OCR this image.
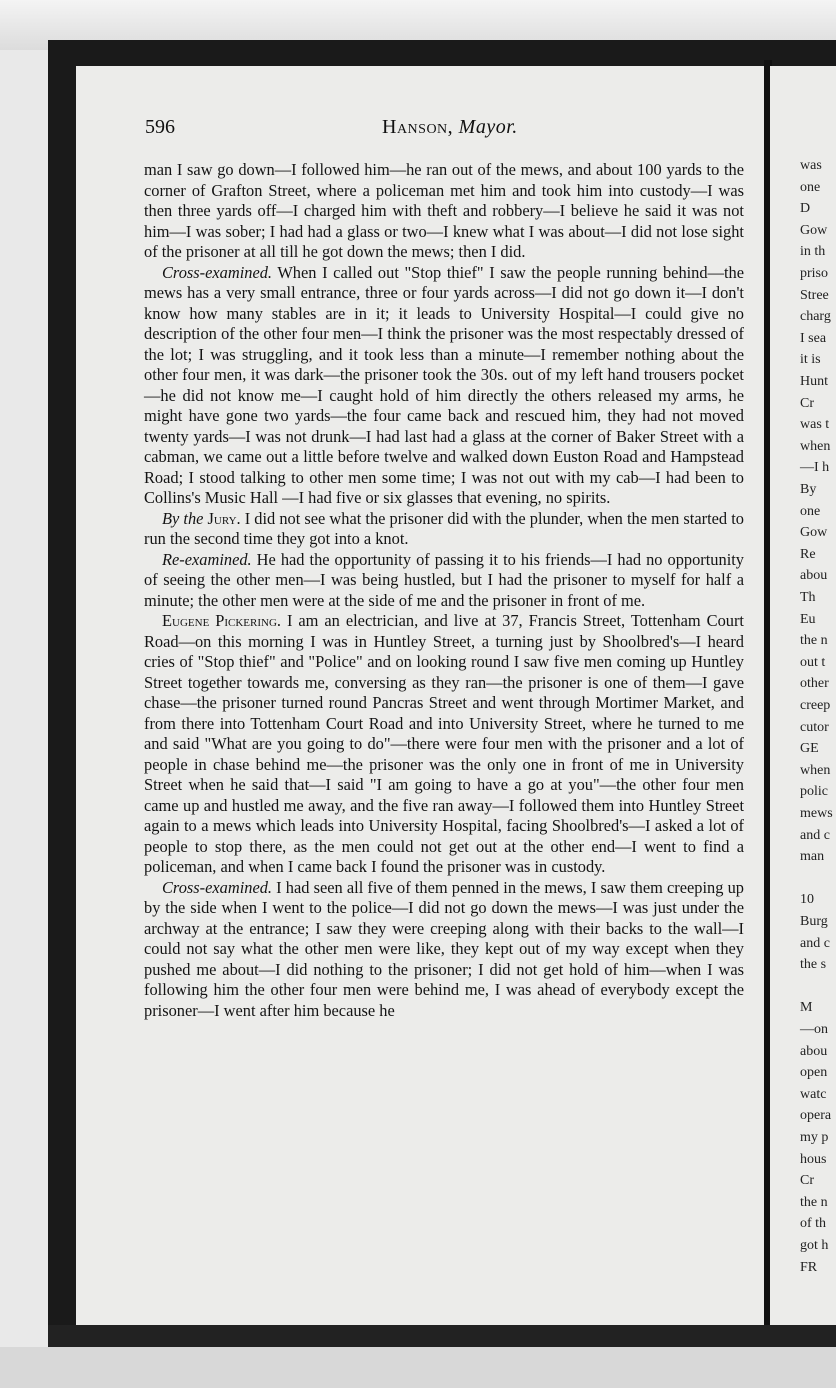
was
one
D
Gow
in th
priso
Stree
charg
I sea
it is
Hunt
Cr
was t
when
—I h
By
one
Gow
Re
abou
Th
Eu
the n
out t
other
creep
cutor
GE
when
polic
mews
and c
man
10
Burg
and c
the s
M
—on
abou
open
watc
opera
my p
hous
Cr
the n
of th
got h
FR
596	Hanson, Mayor.

man I saw go down—I followed him—he ran out of the mews, and about 100 yards to the corner of Grafton Street, where a policeman met him and took him into custody—I was then three yards off—I charged him with theft and robbery—I believe he said it was not him—I was sober; I had had a glass or two—I knew what I was about—I did not lose sight of the prisoner at all till he got down the mews; then I did.

Cross-examined. When I called out "Stop thief" I saw the people running behind—the mews has a very small entrance, three or four yards across—I did not go down it—I don't know how many stables are in it; it leads to University Hospital—I could give no description of the other four men—I think the prisoner was the most respectably dressed of the lot; I was struggling, and it took less than a minute—I remember nothing about the other four men, it was dark—the prisoner took the 30s. out of my left hand trousers pocket—he did not know me—I caught hold of him directly the others released my arms, he might have gone two yards—the four came back and rescued him, they had not moved twenty yards—I was not drunk—I had last had a glass at the corner of Baker Street with a cabman, we came out a little before twelve and walked down Euston Road and Hampstead Road; I stood talking to other men some time; I was not out with my cab—I had been to Collins's Music Hall —I had five or six glasses that evening, no spirits.

By the Jury. I did not see what the prisoner did with the plunder, when the men started to run the second time they got into a knot.

Re-examined. He had the opportunity of passing it to his friends—I had no opportunity of seeing the other men—I was being hustled, but I had the prisoner to myself for half a minute; the other men were at the side of me and the prisoner in front of me.

Eugene Pickering. I am an electrician, and live at 37, Francis Street, Tottenham Court Road—on this morning I was in Huntley Street, a turning just by Shoolbred's—I heard cries of "Stop thief" and "Police" and on looking round I saw five men coming up Huntley Street together towards me, conversing as they ran—the prisoner is one of them—I gave chase—the prisoner turned round Pancras Street and went through Mortimer Market, and from there into Tottenham Court Road and into University Street, where he turned to me and said "What are you going to do"—there were four men with the prisoner and a lot of people in chase behind me—the prisoner was the only one in front of me in University Street when he said that—I said "I am going to have a go at you"—the other four men came up and hustled me away, and the five ran away—I followed them into Huntley Street again to a mews which leads into University Hospital, facing Shoolbred's—I asked a lot of people to stop there, as the men could not get out at the other end—I went to find a policeman, and when I came back I found the prisoner was in custody.

Cross-examined. I had seen all five of them penned in the mews, I saw them creeping up by the side when I went to the police—I did not go down the mews—I was just under the archway at the entrance; I saw they were creeping along with their backs to the wall—I could not say what the other men were like, they kept out of my way except when they pushed me about—I did nothing to the prisoner; I did not get hold of him—when I was following him the other four men were behind me, I was ahead of everybody except the prisoner—I went after him because he
